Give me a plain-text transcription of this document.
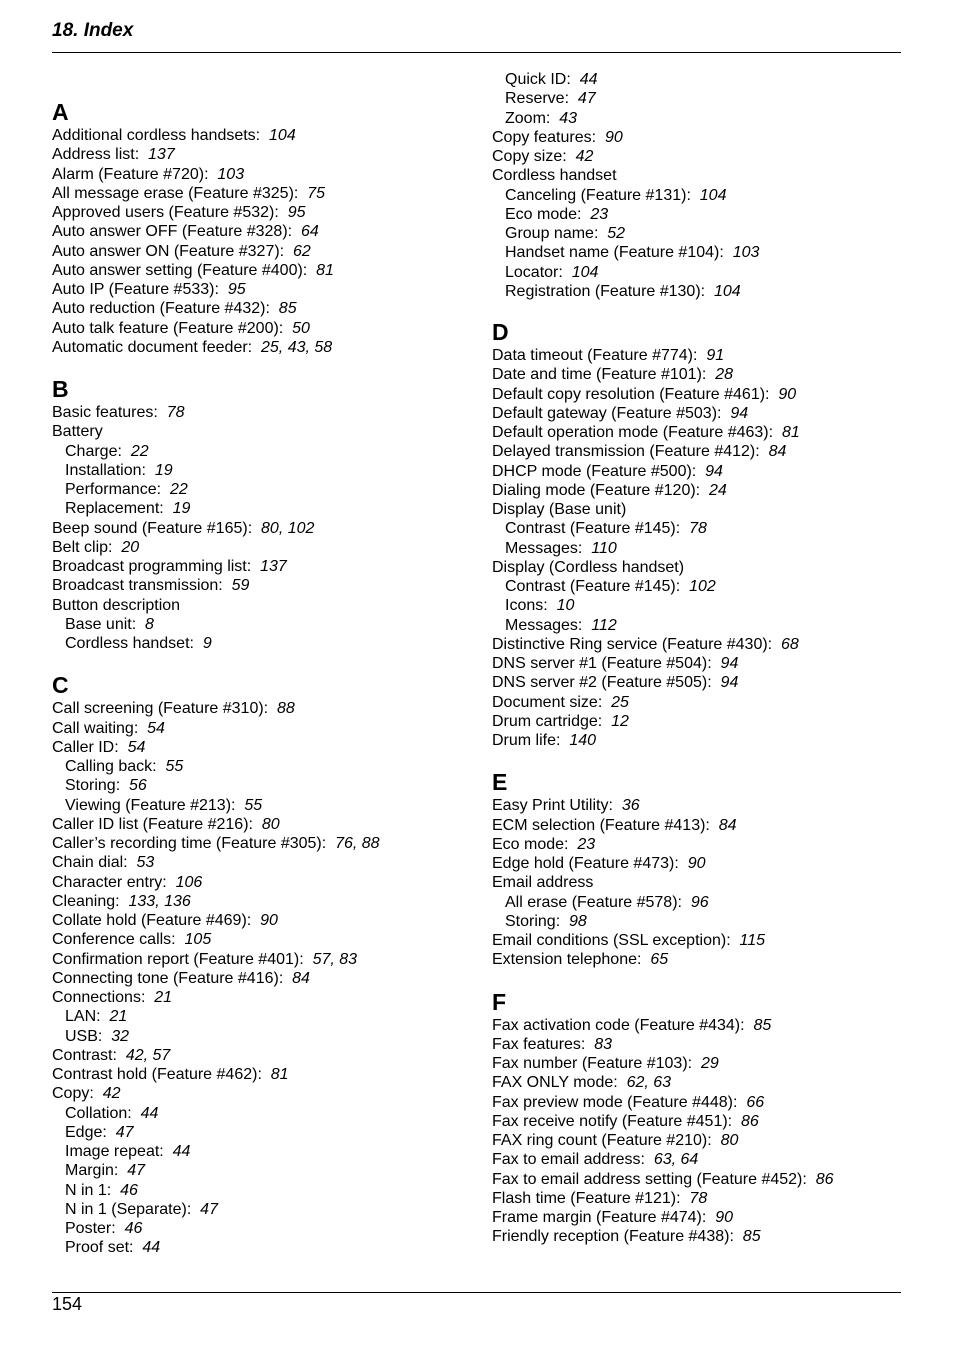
18. Index
A
Additional cordless handsets: 104
Address list: 137
Alarm (Feature #720): 103
All message erase (Feature #325): 75
Approved users (Feature #532): 95
Auto answer OFF (Feature #328): 64
Auto answer ON (Feature #327): 62
Auto answer setting (Feature #400): 81
Auto IP (Feature #533): 95
Auto reduction (Feature #432): 85
Auto talk feature (Feature #200): 50
Automatic document feeder: 25, 43, 58
B
Basic features: 78
Battery
Charge: 22
Installation: 19
Performance: 22
Replacement: 19
Beep sound (Feature #165): 80, 102
Belt clip: 20
Broadcast programming list: 137
Broadcast transmission: 59
Button description
Base unit: 8
Cordless handset: 9
C
Call screening (Feature #310): 88
Call waiting: 54
Caller ID: 54
Calling back: 55
Storing: 56
Viewing (Feature #213): 55
Caller ID list (Feature #216): 80
Caller’s recording time (Feature #305): 76, 88
Chain dial: 53
Character entry: 106
Cleaning: 133, 136
Collate hold (Feature #469): 90
Conference calls: 105
Confirmation report (Feature #401): 57, 83
Connecting tone (Feature #416): 84
Connections: 21
LAN: 21
USB: 32
Contrast: 42, 57
Contrast hold (Feature #462): 81
Copy: 42
Collation: 44
Edge: 47
Image repeat: 44
Margin: 47
N in 1: 46
N in 1 (Separate): 47
Poster: 46
Proof set: 44
Quick ID: 44
Reserve: 47
Zoom: 43
Copy features: 90
Copy size: 42
Cordless handset
Canceling (Feature #131): 104
Eco mode: 23
Group name: 52
Handset name (Feature #104): 103
Locator: 104
Registration (Feature #130): 104
D
Data timeout (Feature #774): 91
Date and time (Feature #101): 28
Default copy resolution (Feature #461): 90
Default gateway (Feature #503): 94
Default operation mode (Feature #463): 81
Delayed transmission (Feature #412): 84
DHCP mode (Feature #500): 94
Dialing mode (Feature #120): 24
Display (Base unit)
Contrast (Feature #145): 78
Messages: 110
Display (Cordless handset)
Contrast (Feature #145): 102
Icons: 10
Messages: 112
Distinctive Ring service (Feature #430): 68
DNS server #1 (Feature #504): 94
DNS server #2 (Feature #505): 94
Document size: 25
Drum cartridge: 12
Drum life: 140
E
Easy Print Utility: 36
ECM selection (Feature #413): 84
Eco mode: 23
Edge hold (Feature #473): 90
Email address
All erase (Feature #578): 96
Storing: 98
Email conditions (SSL exception): 115
Extension telephone: 65
F
Fax activation code (Feature #434): 85
Fax features: 83
Fax number (Feature #103): 29
FAX ONLY mode: 62, 63
Fax preview mode (Feature #448): 66
Fax receive notify (Feature #451): 86
FAX ring count (Feature #210): 80
Fax to email address: 63, 64
Fax to email address setting (Feature #452): 86
Flash time (Feature #121): 78
Frame margin (Feature #474): 90
Friendly reception (Feature #438): 85
154
